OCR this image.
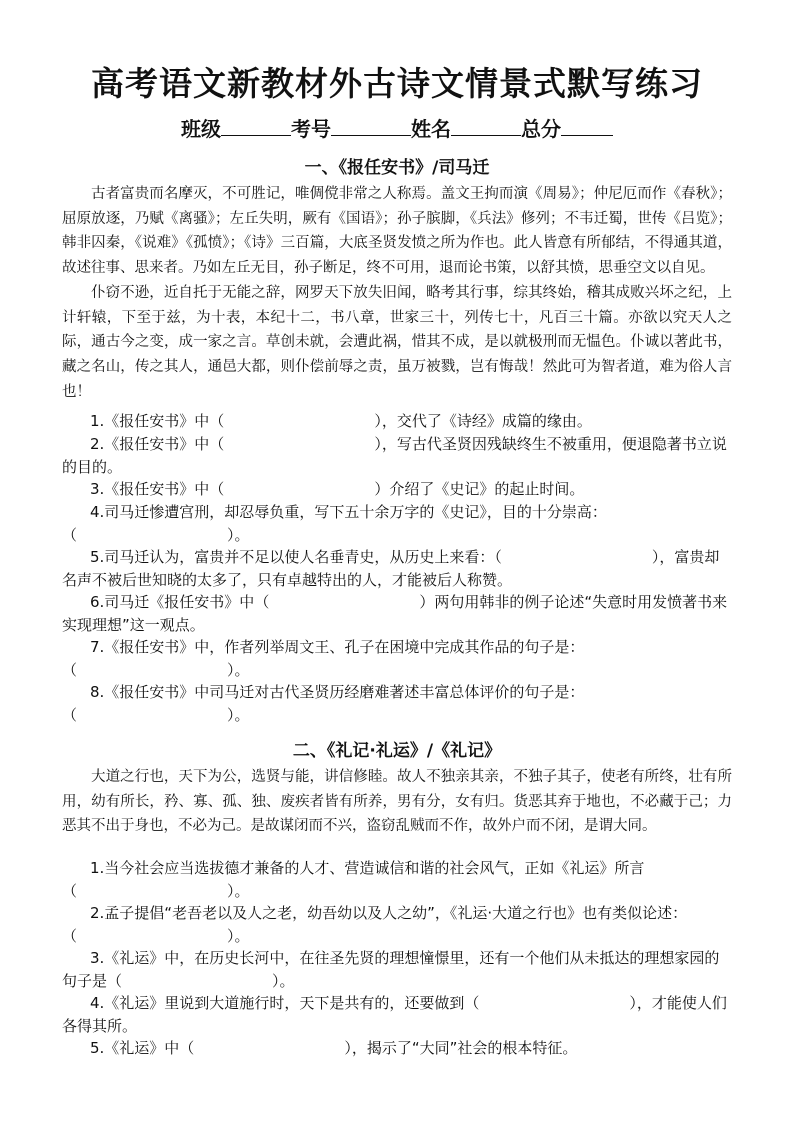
高考语文新教材外古诗文情景式默写练习
班级	考号	姓名	总分
一、《报任安书》/司马迁

古者富贵而名摩灭，不可胜记，唯倜傥非常之人称焉。盖文王拘而演《周易》；仲尼厄而作《春秋》；屈原放逐，乃赋《离骚》；左丘失明，厥有《国语》；孙子膑脚，《兵法》修列；不韦迁蜀，世传《吕览》；韩非囚秦，《说难》《孤愤》；《诗》三百篇，大底圣贤发愤之所为作也。此人皆意有所郁结，不得通其道，故述往事、思来者。乃如左丘无目，孙子断足，终不可用，退而论书策，以舒其愤，思垂空文以自见。

仆窃不逊，近自托于无能之辞，网罗天下放失旧闻，略考其行事，综其终始，稽其成败兴坏之纪，上计轩辕，下至于兹，为十表，本纪十二，书八章，世家三十，列传七十，凡百三十篇。亦欲以究天人之际，通古今之变，成一家之言。草创未就，会遭此祸，惜其不成，是以就极刑而无愠色。仆诚以著此书，藏之名山，传之其人，通邑大都，则仆偿前辱之责，虽万被戮，岂有悔哉！然此可为智者道，难为俗人言也！

1.《报任安书》中（　　　　　　　　　　），交代了《诗经》成篇的缘由。
2.《报任安书》中（　　　　　　　　　　），写古代圣贤因残缺终生不被重用，便退隐著书立说的目的。
3.《报任安书》中（　　　　　　　　　　）介绍了《史记》的起止时间。
4.司马迁惨遭宫刑，却忍辱负重，写下五十余万字的《史记》，目的十分崇高：
（　　　　　　　　　　）。
5.司马迁认为，富贵并不足以使人名垂青史，从历史上来看：（　　　　　　　　　　），富贵却名声不被后世知晓的太多了，只有卓越特出的人，才能被后人称赞。
6.司马迁《报任安书》中（　　　　　　　　　　）两句用韩非的例子论述“失意时用发愤著书来实现理想”这一观点。
7.《报任安书》中，作者列举周文王、孔子在困境中完成其作品的句子是：
（　　　　　　　　　　）。
8.《报任安书》中司马迁对古代圣贤历经磨难著述丰富总体评价的句子是：
（　　　　　　　　　　）。
二、《礼记·礼运》/《礼记》

大道之行也，天下为公，选贤与能，讲信修睦。故人不独亲其亲，不独子其子，使老有所终，壮有所用，幼有所长，矜、寡、孤、独、废疾者皆有所养，男有分，女有归。货恶其弃于地也，不必藏于己；力恶其不出于身也，不必为己。是故谋闭而不兴，盗窃乱贼而不作，故外户而不闭，是谓大同。

1.当今社会应当选拔德才兼备的人才、营造诚信和谐的社会风气，正如《礼运》所言
（　　　　　　　　　　）。
2.孟子提倡“老吾老以及人之老，幼吾幼以及人之幼”，《礼运·大道之行也》也有类似论述：（　　　　　　　　　　）。
3.《礼运》中，在历史长河中，在往圣先贤的理想憧憬里，还有一个他们从未抵达的理想家园的句子是（　　　　　　　　　　）。
4.《礼运》里说到大道施行时，天下是共有的，还要做到（　　　　　　　　　　），才能使人们各得其所。
5.《礼运》中（　　　　　　　　　　），揭示了“大同”社会的根本特征。
